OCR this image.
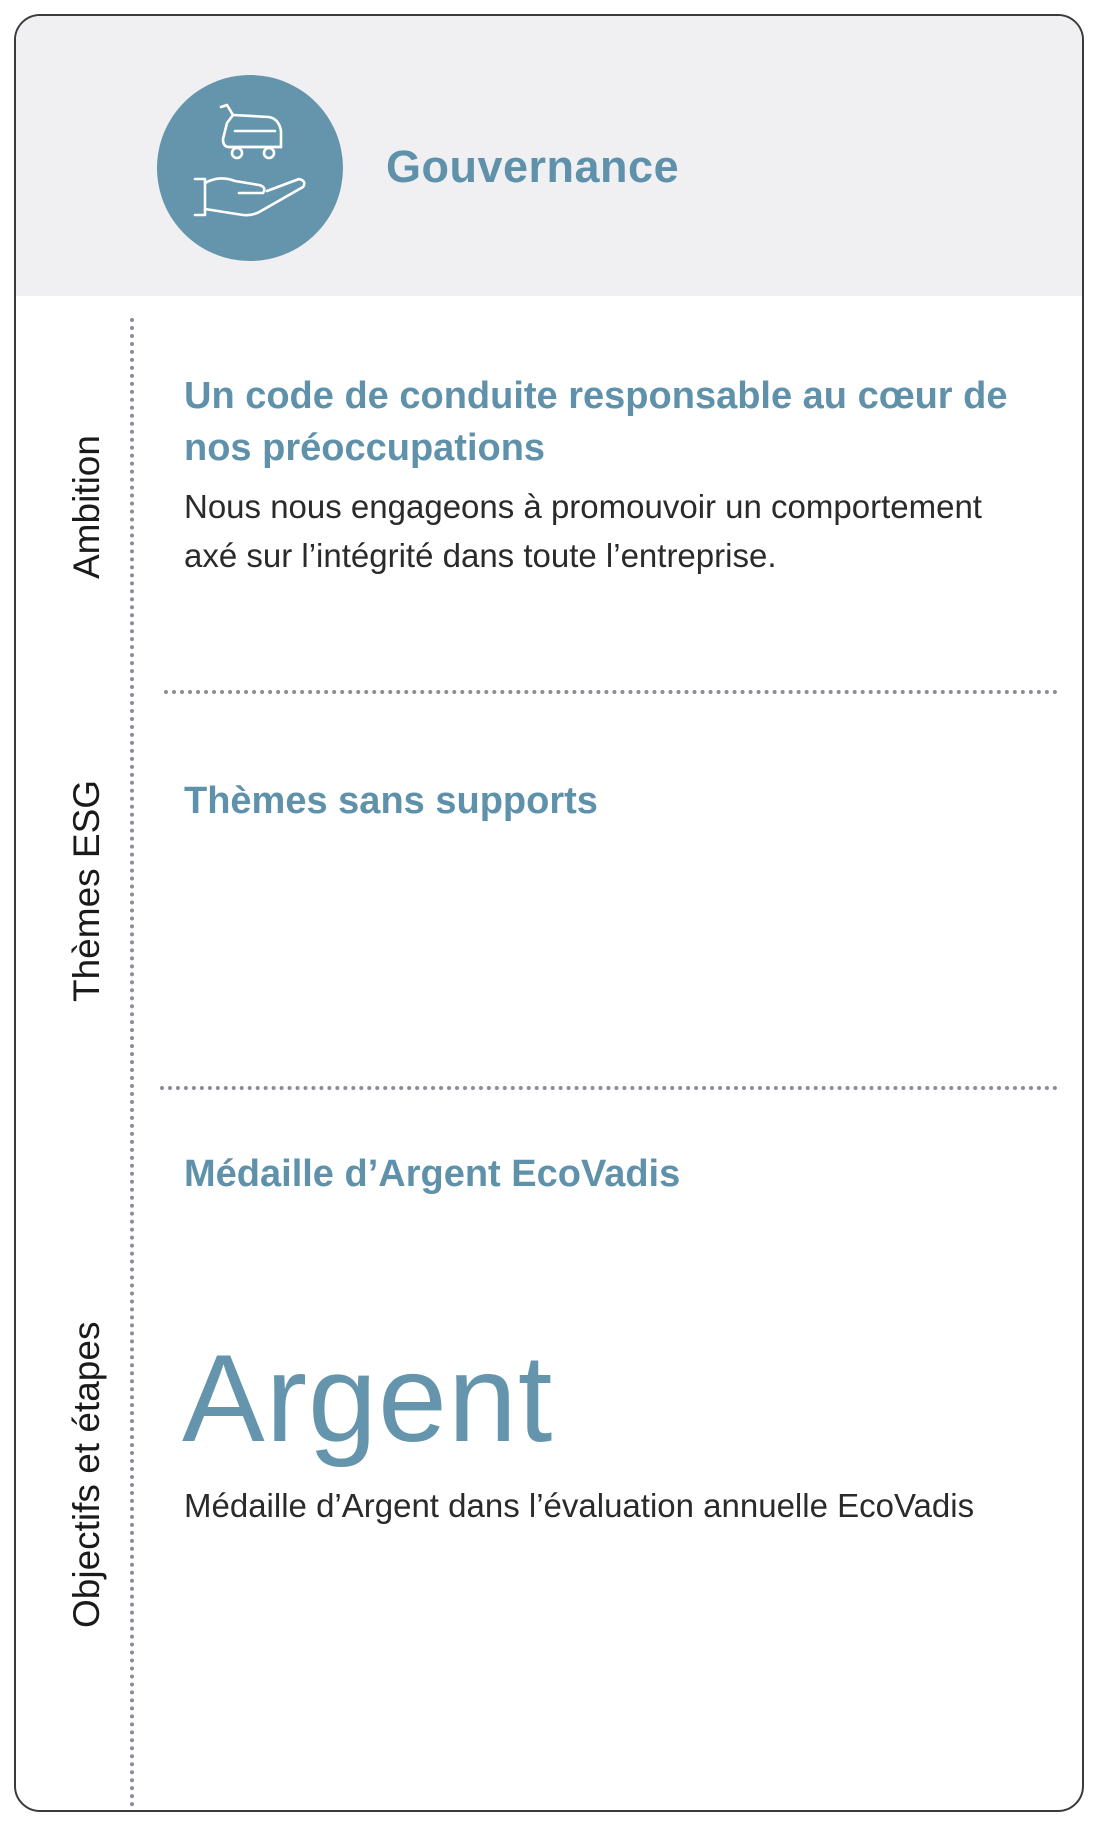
Gouvernance
Ambition
Thèmes ESG
Objectifs et étapes
Un code de conduite responsable au cœur de
nos préoccupations
Nous nous engageons à promouvoir un comportement
axé sur l’intégrité dans toute l’entreprise.
Thèmes sans supports
Médaille d’Argent EcoVadis
Argent
Médaille d’Argent dans l’évaluation annuelle EcoVadis
